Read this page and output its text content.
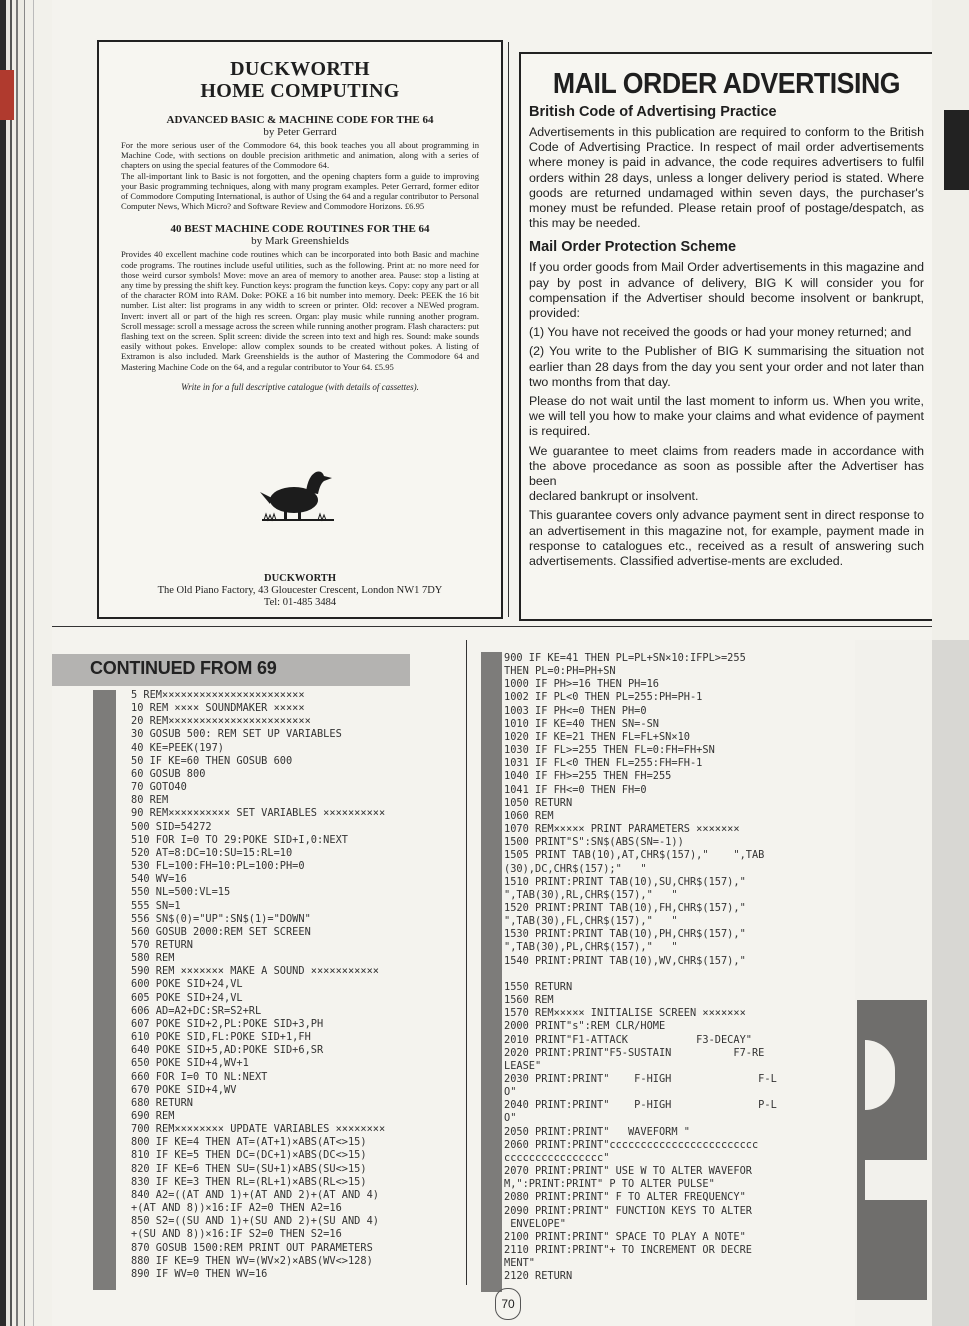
DUCKWORTH
HOME COMPUTING
ADVANCED BASIC & MACHINE CODE FOR THE 64
by Peter Gerrard

For the more serious user of the Commodore 64, this book teaches you all about programming in Machine Code, with sections on double precision arithmetic and animation, along with a series of chapters on using the special features of the Commodore 64.

The all-important link to Basic is not forgotten, and the opening chapters form a guide to improving your Basic programming techniques, along with many program examples. Peter Gerrard, former editor of Commodore Computing International, is author of Using the 64 and a regular contributor to Personal Computer News, Which Micro? and Software Review and Commodore Horizons. £6.95

40 BEST MACHINE CODE ROUTINES FOR THE 64
by Mark Greenshields

Provides 40 excellent machine code routines which can be incorporated into both Basic and machine code programs. The routines include useful utilities, such as the following. Print at: no more need for those weird cursor symbols! Move: move an area of memory to another area. Pause: stop a listing at any time by pressing the shift key. Function keys: program the function keys. Copy: copy any part or all of the character ROM into RAM. Doke: POKE a 16 bit number into memory. Deek: PEEK the 16 bit number. List alter: list programs in any width to screen or printer. Old: recover a NEWed program. Invert: invert all or part of the high res screen. Organ: play music while running another program. Scroll message: scroll a message across the screen while running another program. Flash characters: put flashing text on the screen. Split screen: divide the screen into text and high res. Sound: make sounds easily without pokes. Envelope: allow complex sounds to be created without pokes. A listing of Extramon is also included. Mark Greenshields is the author of Mastering the Commodore 64 and Mastering Machine Code on the 64, and a regular contributor to Your 64. £5.95

Write in for a full descriptive catalogue (with details of cassettes).
DUCKWORTH
The Old Piano Factory, 43 Gloucester Crescent, London NW1 7DY
Tel: 01-485 3484
MAIL ORDER ADVERTISING
British Code of Advertising Practice

Advertisements in this publication are required to conform to the British Code of Advertising Practice. In respect of mail order advertisements where money is paid in advance, the code requires advertisers to fulfil orders within 28 days, unless a longer delivery period is stated. Where goods are returned undamaged within seven days, the purchaser's money must be refunded. Please retain proof of postage/despatch, as this may be needed.

Mail Order Protection Scheme

If you order goods from Mail Order advertisements in this magazine and pay by post in advance of delivery, BIG K will consider you for compensation if the Advertiser should become insolvent or bankrupt, provided:

(1) You have not received the goods or had your money returned; and

(2) You write to the Publisher of BIG K summarising the situation not earlier than 28 days from the day you sent your order and not later than two months from that day.

Please do not wait until the last moment to inform us. When you write, we will tell you how to make your claims and what evidence of payment is required.

We guarantee to meet claims from readers made in accordance with the above procedance as soon as possible after the Advertiser has been
declared bankrupt or insolvent.

This guarantee covers only advance payment sent in direct response to an advertisement in this magazine not, for example, payment made in response to catalogues etc., received as a result of answering such advertisements. Classified advertise-ments are excluded.

CONTINUED FROM 69
5 REM×××××××××××××××××××××××
10 REM ×××× SOUNDMAKER ×××××
20 REM×××××××××××××××××××××××
30 GOSUB 500: REM SET UP VARIABLES
40 KE=PEEK(197)
50 IF KE=60 THEN GOSUB 600
60 GOSUB 800
70 GOTO40
80 REM
90 REM×××××××××× SET VARIABLES ××××××××××
500 SID=54272
510 FOR I=0 TO 29:POKE SID+I,0:NEXT
520 AT=8:DC=10:SU=15:RL=10
530 FL=100:FH=10:PL=100:PH=0
540 WV=16
550 NL=500:VL=15
555 SN=1
556 SN$(0)="UP":SN$(1)="DOWN"
560 GOSUB 2000:REM SET SCREEN
570 RETURN
580 REM
590 REM ××××××× MAKE A SOUND ×××××××××××
600 POKE SID+24,VL
605 POKE SID+24,VL
606 AD=A2+DC:SR=S2+RL
607 POKE SID+2,PL:POKE SID+3,PH
610 POKE SID,FL:POKE SID+1,FH
640 POKE SID+5,AD:POKE SID+6,SR
650 POKE SID+4,WV+1
660 FOR I=0 TO NL:NEXT
670 POKE SID+4,WV
680 RETURN
690 REM
700 REM×××××××× UPDATE VARIABLES ××××××××
800 IF KE=4 THEN AT=(AT+1)×ABS(AT<>15)
810 IF KE=5 THEN DC=(DC+1)×ABS(DC<>15)
820 IF KE=6 THEN SU=(SU+1)×ABS(SU<>15)
830 IF KE=3 THEN RL=(RL+1)×ABS(RL<>15)
840 A2=((AT AND 1)+(AT AND 2)+(AT AND 4)
+(AT AND 8))×16:IF A2=0 THEN A2=16
850 S2=((SU AND 1)+(SU AND 2)+(SU AND 4)
+(SU AND 8))×16:IF S2=0 THEN S2=16
870 GOSUB 1500:REM PRINT OUT PARAMETERS
880 IF KE=9 THEN WV=(WV×2)×ABS(WV<>128)
890 IF WV=0 THEN WV=16
900 IF KE=41 THEN PL=PL+SN×10:IFPL>=255
THEN PL=0:PH=PH+SN
1000 IF PH>=16 THEN PH=16
1002 IF PL<0 THEN PL=255:PH=PH-1
1003 IF PH<=0 THEN PH=0
1010 IF KE=40 THEN SN=-SN
1020 IF KE=21 THEN FL=FL+SN×10
1030 IF FL>=255 THEN FL=0:FH=FH+SN
1031 IF FL<0 THEN FL=255:FH=FH-1
1040 IF FH>=255 THEN FH=255
1041 IF FH<=0 THEN FH=0
1050 RETURN
1060 REM
1070 REM××××× PRINT PARAMETERS ×××××××
1500 PRINT"S":SN$(ABS(SN=-1))
1505 PRINT TAB(10),AT,CHR$(157),"    ",TAB
(30),DC,CHR$(157);"   "
1510 PRINT:PRINT TAB(10),SU,CHR$(157),"
",TAB(30),RL,CHR$(157),"   "
1520 PRINT:PRINT TAB(10),FH,CHR$(157),"
",TAB(30),FL,CHR$(157),"   "
1530 PRINT:PRINT TAB(10),PH,CHR$(157),"
",TAB(30),PL,CHR$(157),"   "
1540 PRINT:PRINT TAB(10),WV,CHR$(157),"

1550 RETURN
1560 REM
1570 REM××××× INITIALISE SCREEN ×××××××
2000 PRINT"s":REM CLR/HOME
2010 PRINT"F1-ATTACK           F3-DECAY"
2020 PRINT:PRINT"F5-SUSTAIN          F7-RE
LEASE"
2030 PRINT:PRINT"    F-HIGH              F-L
O"
2040 PRINT:PRINT"    P-HIGH              P-L
O"
2050 PRINT:PRINT"   WAVEFORM "
2060 PRINT:PRINT"cccccccccccccccccccccccc
cccccccccccccccc"
2070 PRINT:PRINT" USE W TO ALTER WAVEFOR
M,":PRINT:PRINT" P TO ALTER PULSE"
2080 PRINT:PRINT" F TO ALTER FREQUENCY"
2090 PRINT:PRINT" FUNCTION KEYS TO ALTER
ENVELOPE"
2100 PRINT:PRINT" SPACE TO PLAY A NOTE"
2110 PRINT:PRINT"+ TO INCREMENT OR DECRE
MENT"
2120 RETURN
70
